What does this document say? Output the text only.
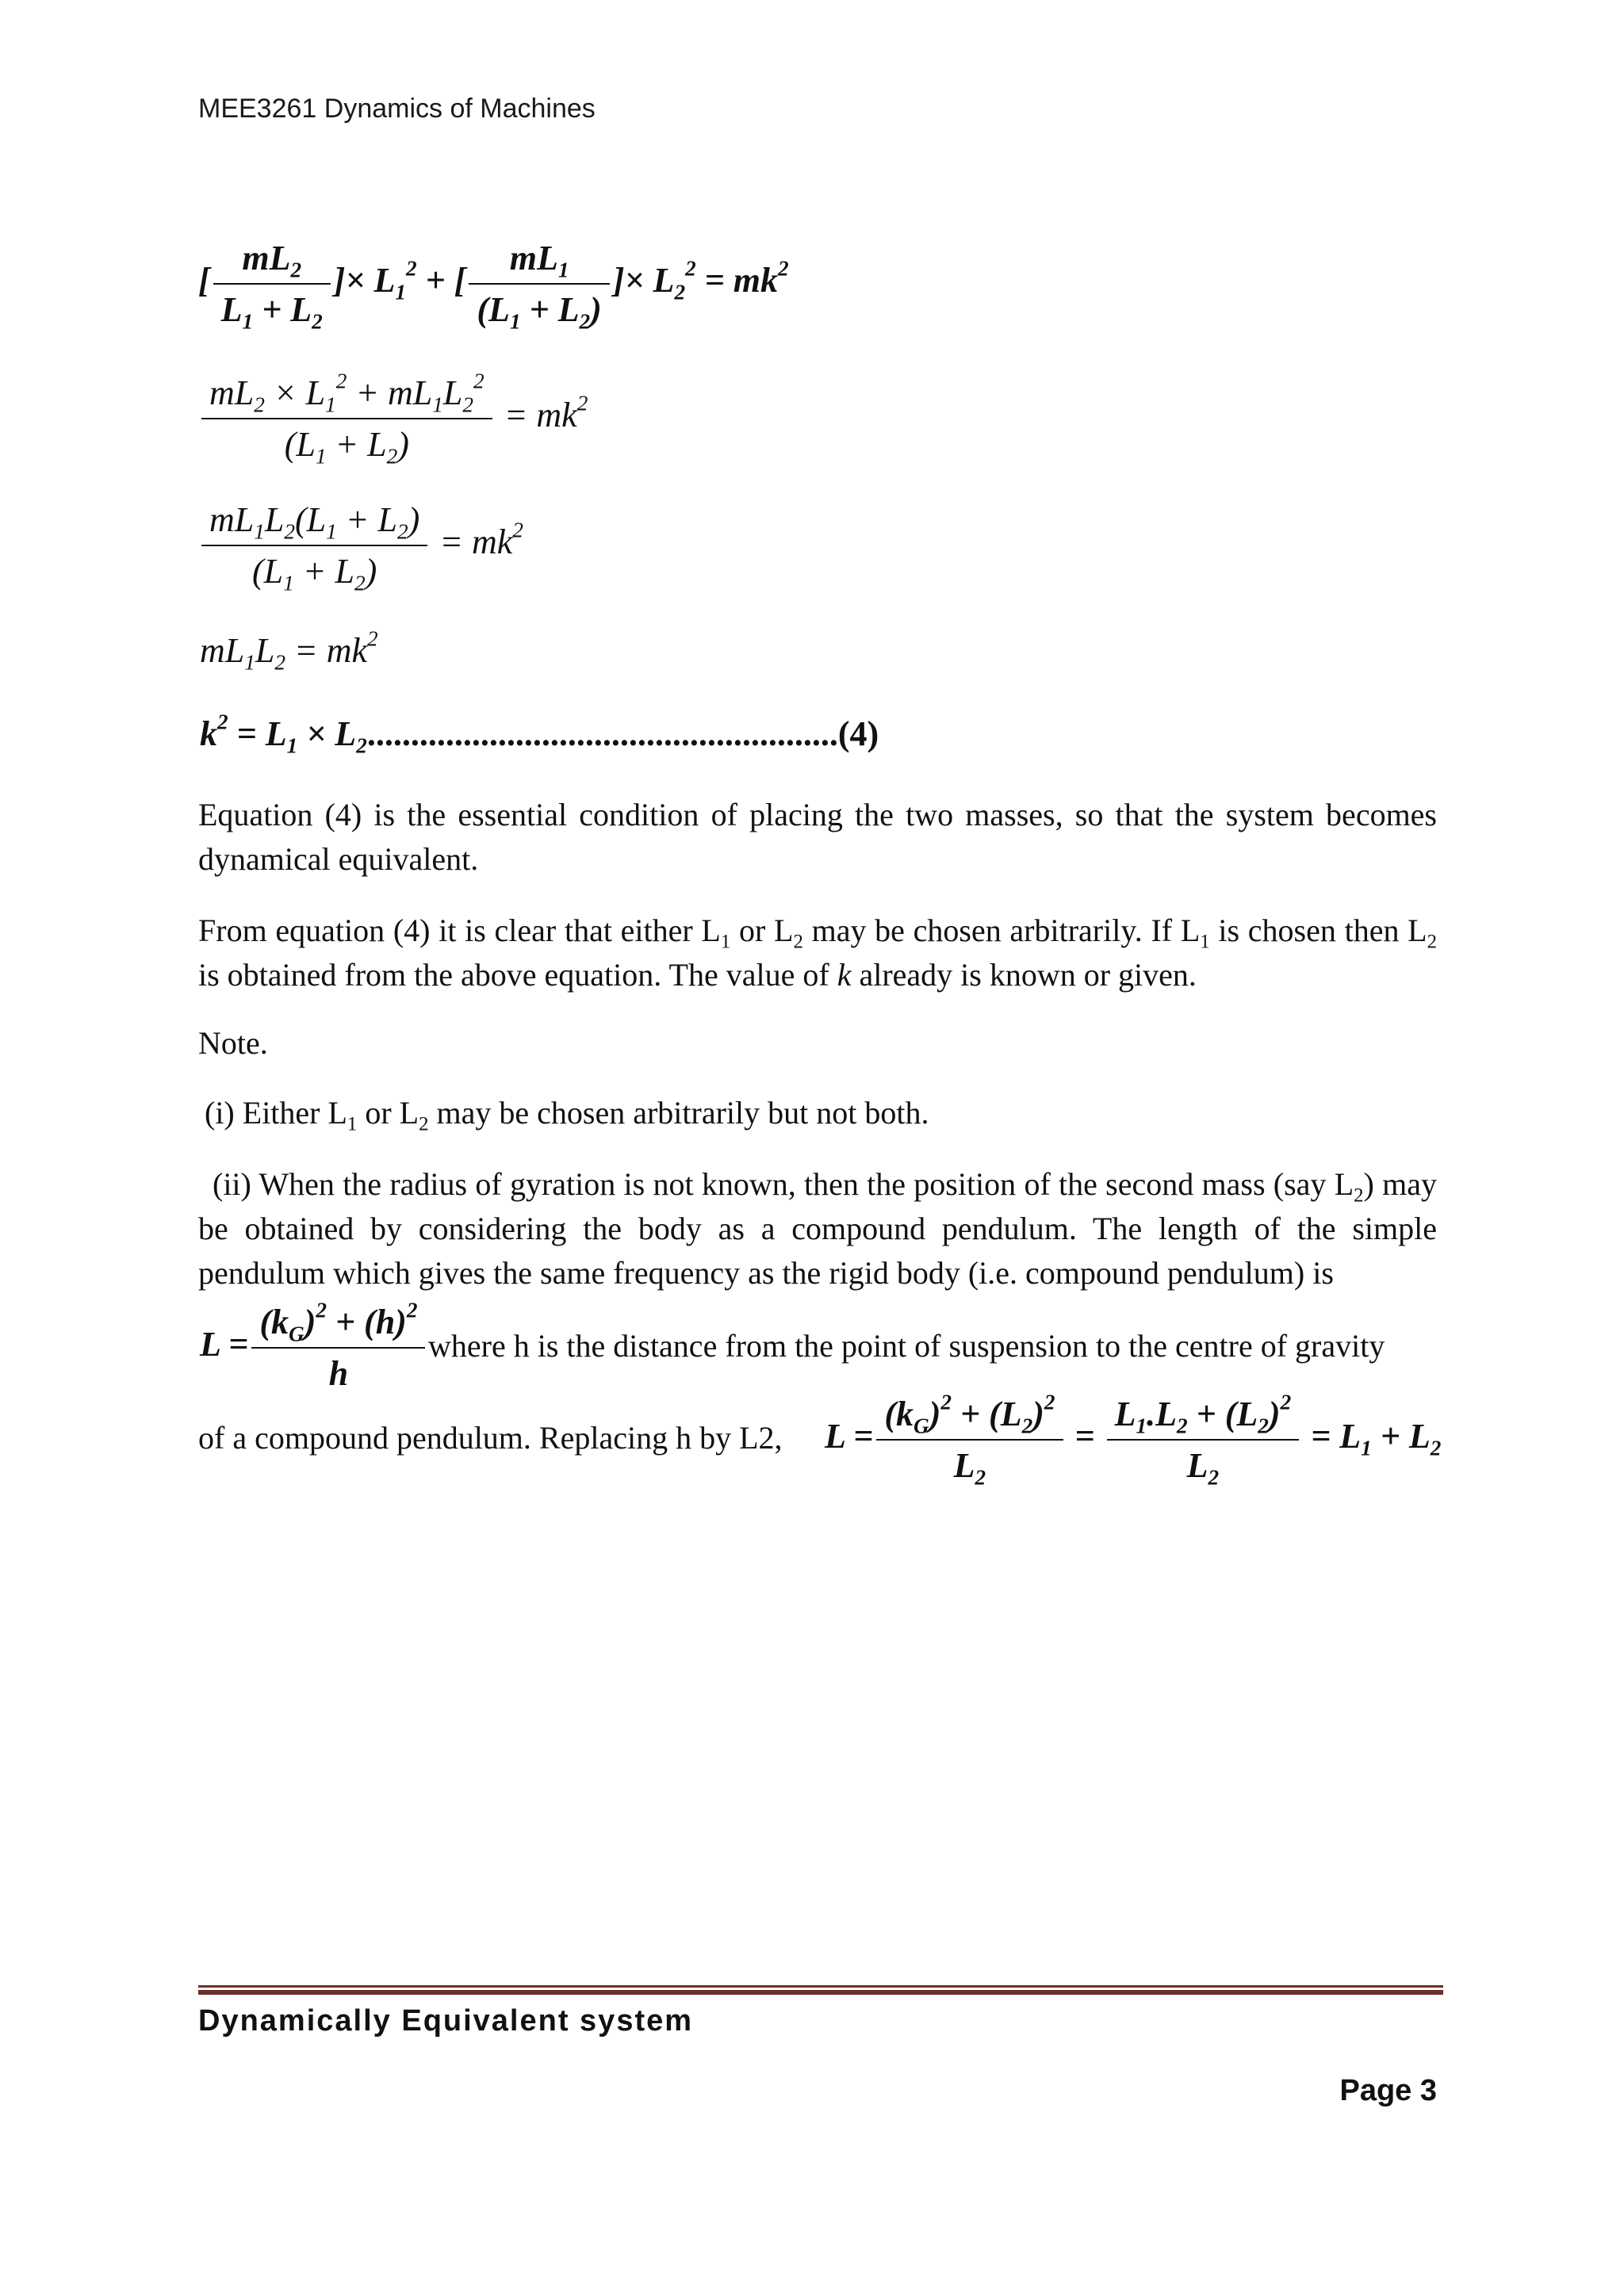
MEE3261 Dynamics of Machines
[ $\frac{mL_2}{L_1 + L_2}$ ]× $L_1^2$ + [ $\frac{mL_1}{(L_1 + L_2)}$ ]× $L_2^2 = mk^2$
$\frac{mL_2 \times L_1^2 + mL_1L_2^2}{(L_1 + L_2)} = mk^2$
$\frac{mL_1L_2(L_1 + L_2)}{(L_1 + L_2)} = mk^2$
$mL_1L_2 = mk^2$
$k^2 = L_1 \times L_2......................................................(4)$

Equation (4) is the essential condition of placing the two masses, so that the system becomes dynamical equivalent.

From equation (4) it is clear that either $L_1$ or $L_2$ may be chosen arbitrarily. If $L_1$ is chosen then $L_2$ is obtained from the above equation. The value of k already is known or given.

Note.

(i) Either $L_1$ or $L_2$ may be chosen arbitrarily but not both.

(ii) When the radius of gyration is not known, then the position of the second mass (say $L_2$) may be obtained by considering the body as a compound pendulum. The length of the simple pendulum which gives the same frequency as the rigid body (i.e. compound pendulum) is

$L = \frac{(k_G)^2 + (h)^2}{h}$ where h is the distance from the point of suspension to the centre of gravity
of a compound pendulum. Replacing h by L2, $L = \frac{(k_G)^2 + (L_2)^2}{L_2} = \frac{L_1.L_2 + (L_2)^2}{L_2} = L_1 + L_2$
Dynamically Equivalent system
Page 3
